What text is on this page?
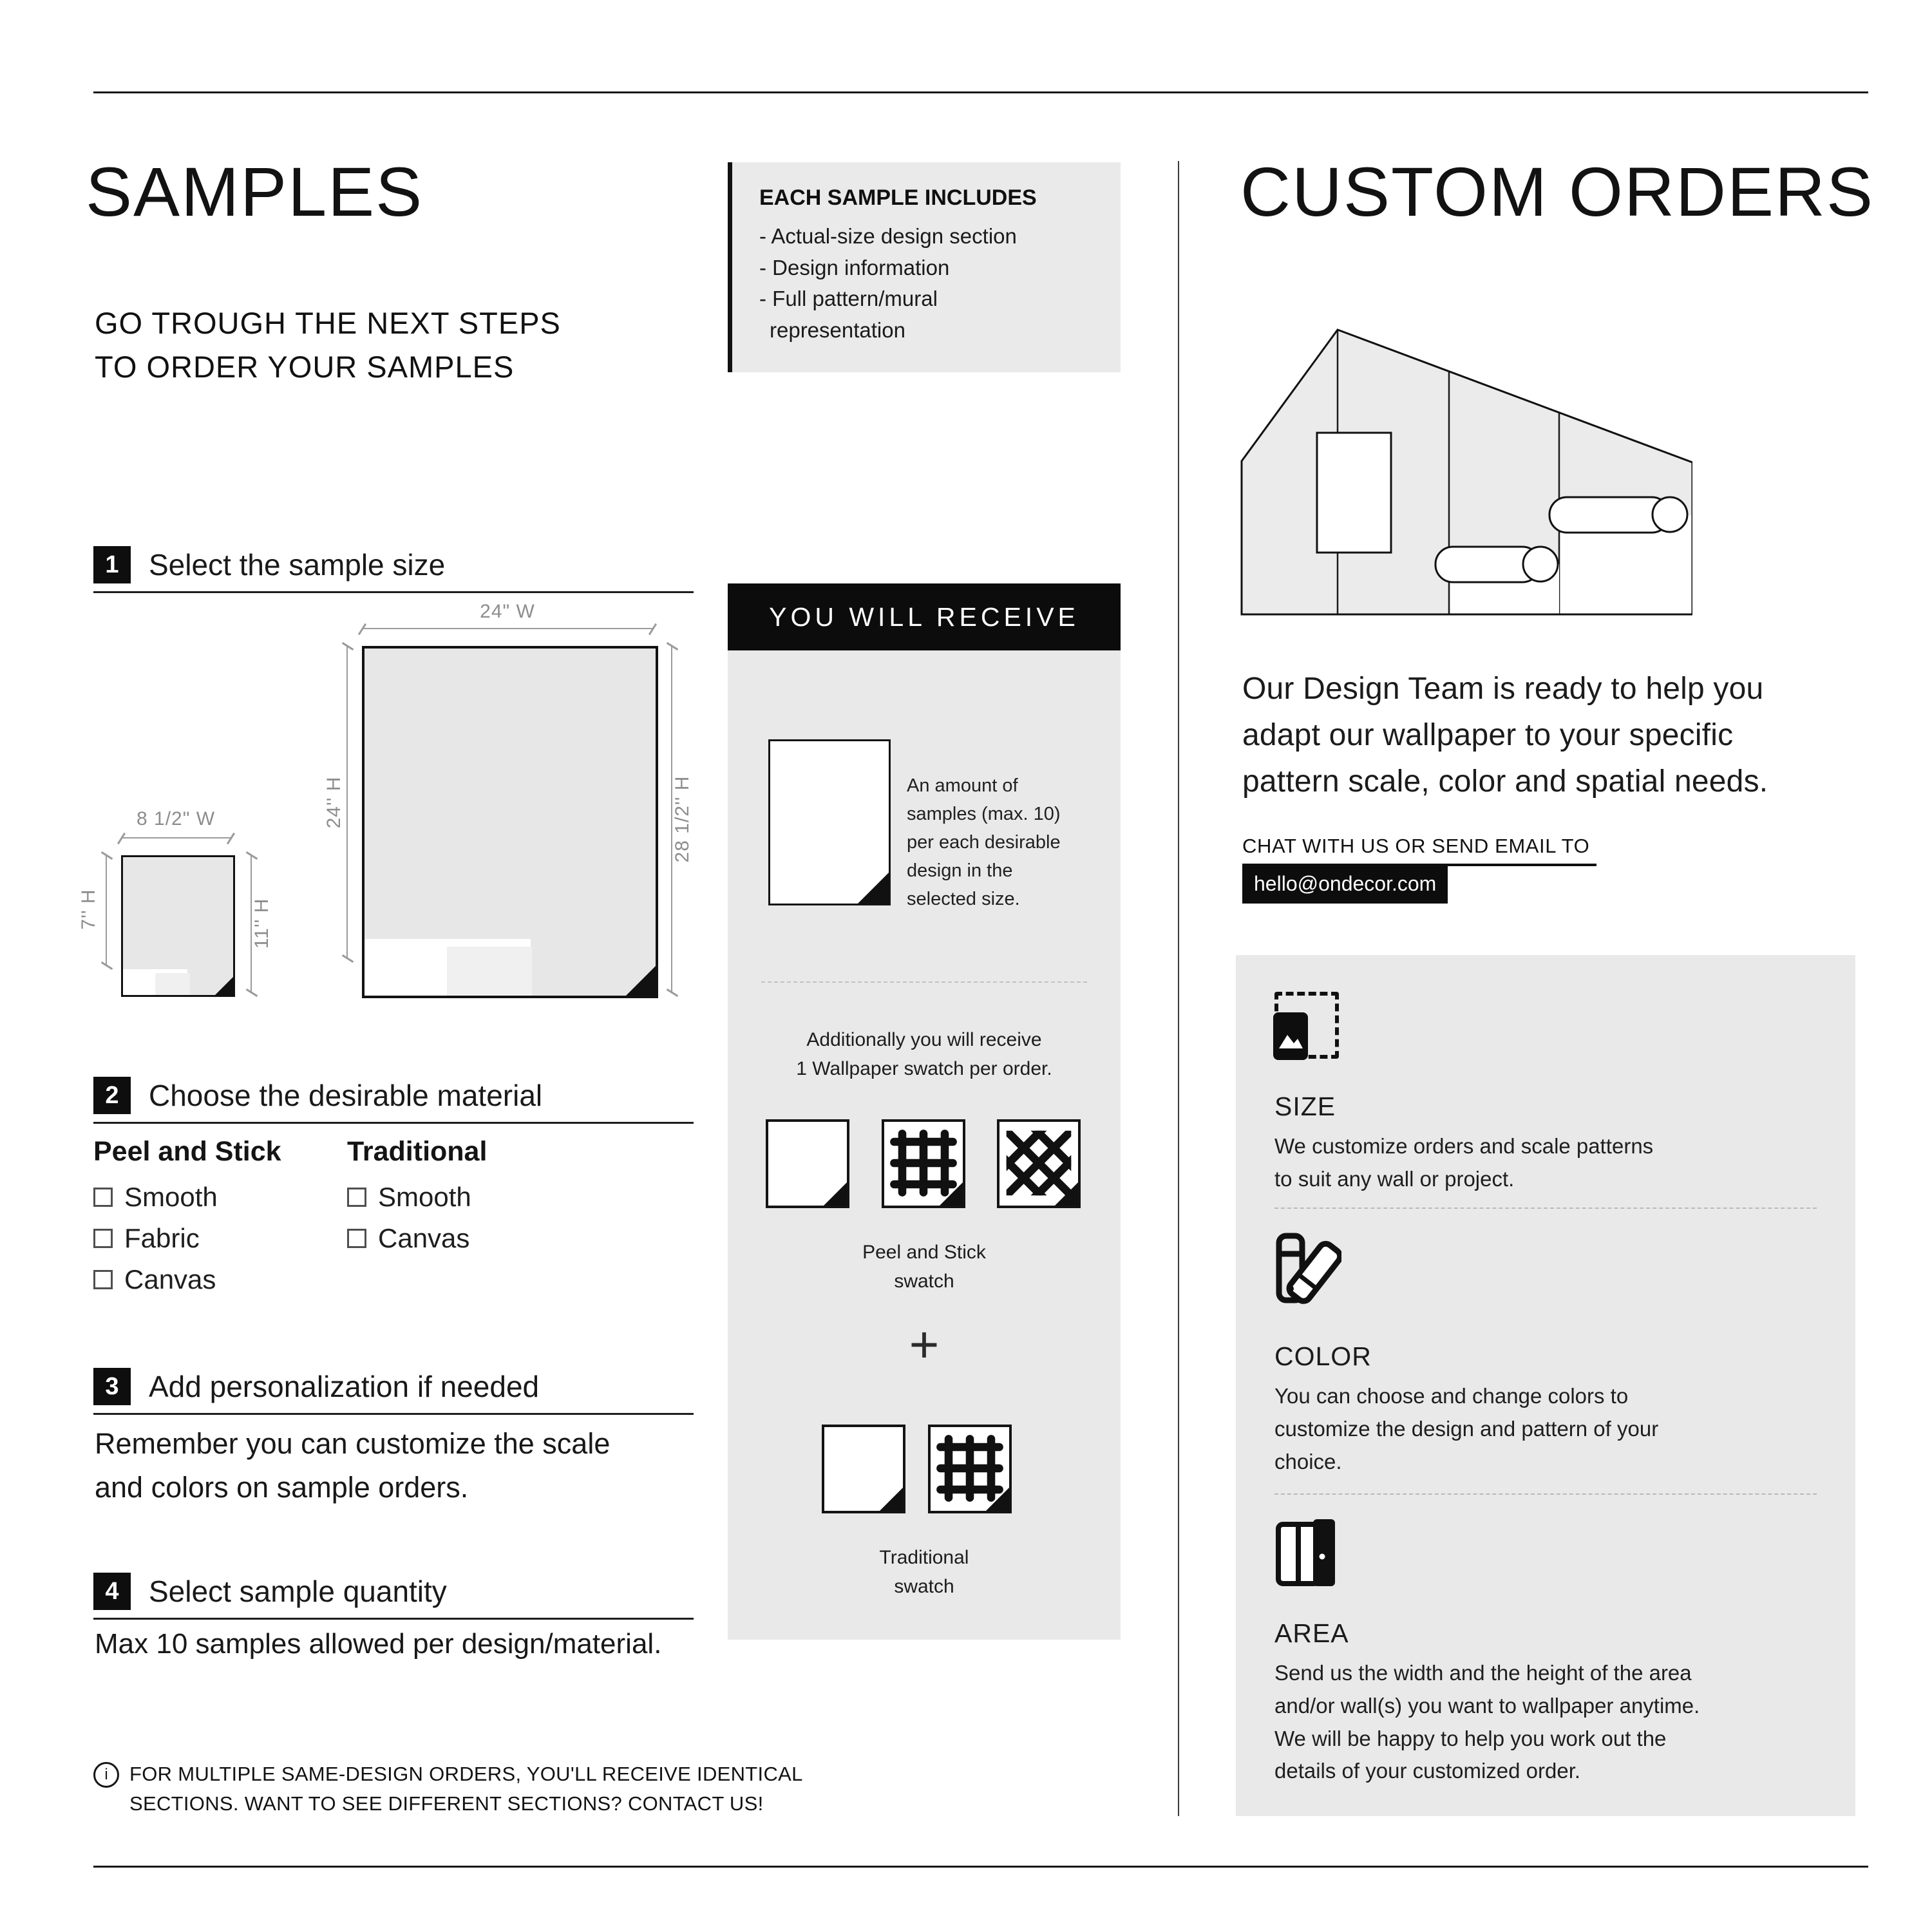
SAMPLES
GO TROUGH THE NEXT STEPS
TO ORDER YOUR SAMPLES
1	Select the sample size
24" W
24'' H	28 1/2'' H
8 1/2" W
7'' H	11'' H
2	Choose the desirable material
Peel and Stick
Smooth
Fabric
Canvas
Traditional
Smooth
Canvas
3	Add personalization if needed
Remember you can customize the scale
and colors on sample orders.
4	Select sample quantity
Max 10 samples allowed per design/material.
i	FOR MULTIPLE SAME-DESIGN ORDERS, YOU'LL RECEIVE IDENTICAL
SECTIONS. WANT TO SEE DIFFERENT SECTIONS? CONTACT US!
EACH SAMPLE INCLUDES
- Actual-size design section
- Design information
- Full pattern/mural
representation
YOU WILL RECEIVE
An amount of
samples (max. 10)
per each desirable
design in the
selected size.
Additionally you will receive
1 Wallpaper swatch per order.
Peel and Stick
swatch
+
Traditional
swatch
CUSTOM ORDERS
Our Design Team is ready to help you
adapt our wallpaper to your specific
pattern scale, color and spatial needs.
CHAT WITH US OR SEND EMAIL TO
hello@ondecor.com
SIZE
We customize orders and scale patterns
to suit any wall or project.
COLOR
You can choose and change colors to
customize the design and pattern of your
choice.
AREA
Send us the width and the height of the area
and/or wall(s) you want to wallpaper anytime.
We will be happy to help you work out the
details of your customized order.
